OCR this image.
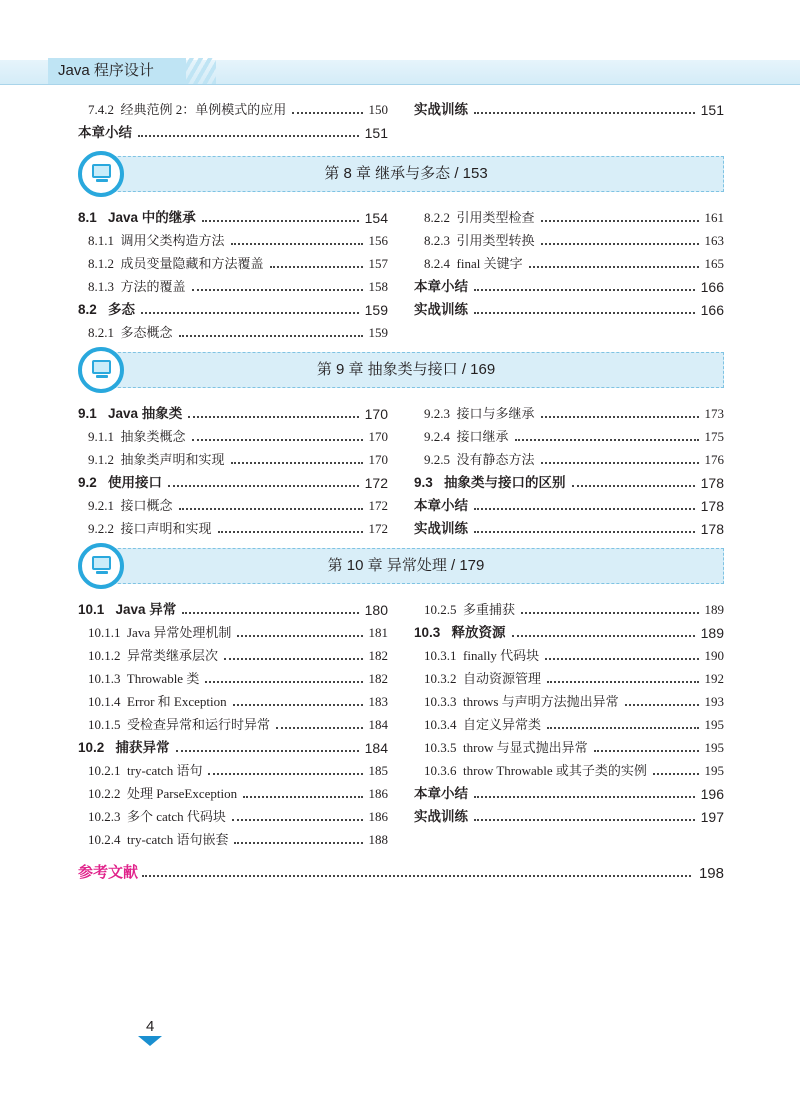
Java 程序设计
7.4.2  经典范例 2：单例模式的应用	150
本章小结	151
实战训练	151
第 8 章 继承与多态 / 153
8.1   Java 中的继承	154
8.1.1  调用父类构造方法	156
8.1.2  成员变量隐藏和方法覆盖	157
8.1.3  方法的覆盖	158
8.2   多态	159
8.2.1  多态概念	159
8.2.2  引用类型检查	161
8.2.3  引用类型转换	163
8.2.4  final 关键字	165
本章小结	166
实战训练	166
第 9 章 抽象类与接口 / 169
9.1   Java 抽象类	170
9.1.1  抽象类概念	170
9.1.2  抽象类声明和实现	170
9.2   使用接口	172
9.2.1  接口概念	172
9.2.2  接口声明和实现	172
9.2.3  接口与多继承	173
9.2.4  接口继承	175
9.2.5  没有静态方法	176
9.3   抽象类与接口的区别	178
本章小结	178
实战训练	178
第 10 章 异常处理 / 179
10.1   Java 异常	180
10.1.1  Java 异常处理机制	181
10.1.2  异常类继承层次	182
10.1.3  Throwable 类	182
10.1.4  Error 和 Exception	183
10.1.5  受检查异常和运行时异常	184
10.2   捕获异常	184
10.2.1  try-catch 语句	185
10.2.2  处理 ParseException	186
10.2.3  多个 catch 代码块	186
10.2.4  try-catch 语句嵌套	188
10.2.5  多重捕获	189
10.3   释放资源	189
10.3.1  finally 代码块	190
10.3.2  自动资源管理	192
10.3.3  throws 与声明方法抛出异常	193
10.3.4  自定义异常类	195
10.3.5  throw 与显式抛出异常	195
10.3.6  throw Throwable 或其子类的实例	195
本章小结	196
实战训练	197
参考文献	198
4
